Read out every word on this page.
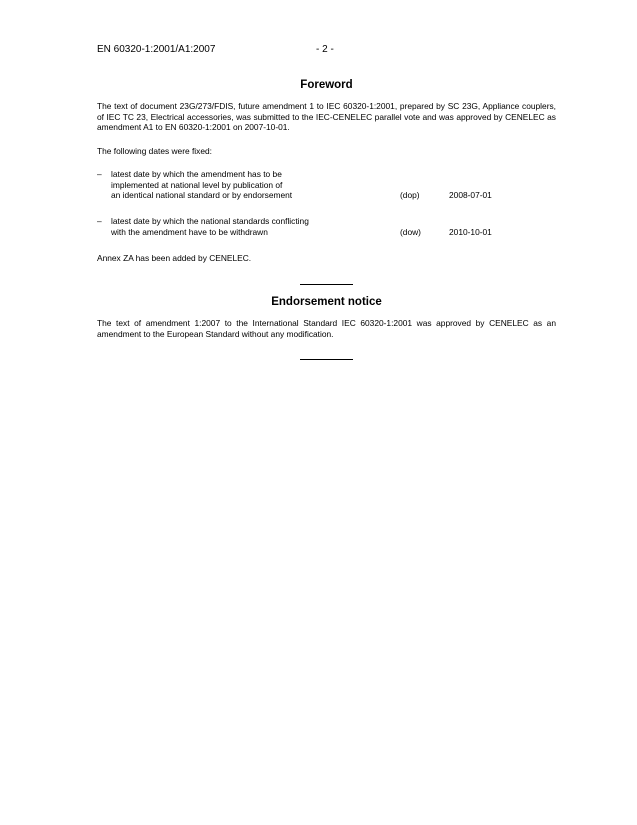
EN 60320-1:2001/A1:2007	- 2 -
Foreword

The text of document 23G/273/FDIS, future amendment 1 to IEC 60320-1:2001, prepared by SC 23G, Appliance couplers, of IEC TC 23, Electrical accessories, was submitted to the IEC-CENELEC parallel vote and was approved by CENELEC as amendment A1 to EN 60320-1:2001 on 2007-10-01.

The following dates were fixed:

– latest date by which the amendment has to be
implemented at national level by publication of
an identical national standard or by endorsement	(dop)	2008-07-01
– latest date by which the national standards conflicting
with the amendment have to be withdrawn	(dow)	2010-10-01

Annex ZA has been added by CENELEC.

Endorsement notice

The text of amendment 1:2007 to the International Standard IEC 60320-1:2001 was approved by CENELEC as an amendment to the European Standard without any modification.
